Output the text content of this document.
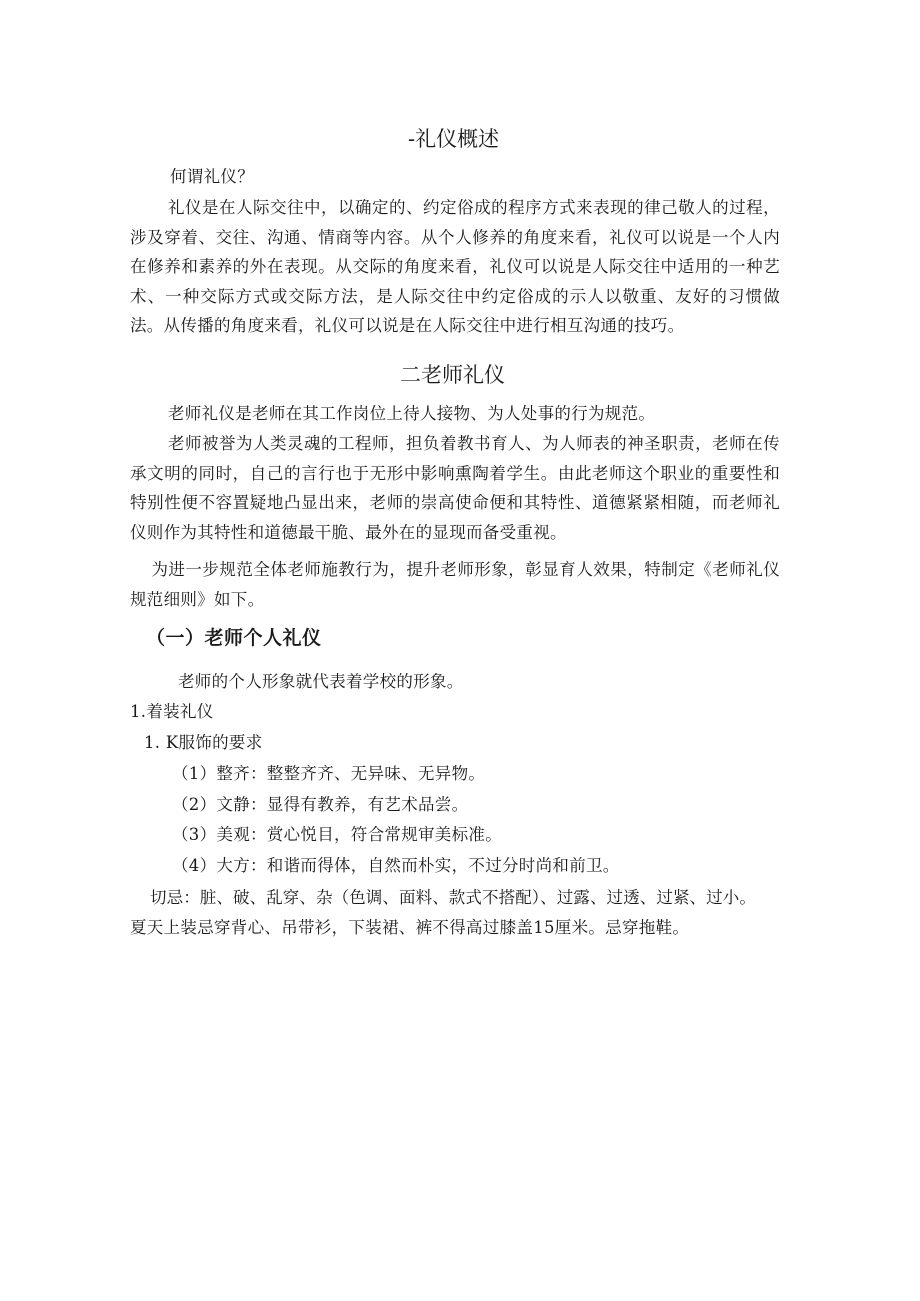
-礼仪概述
何谓礼仪？
礼仪是在人际交往中，以确定的、约定俗成的程序方式来表现的律己敬人的过程，涉及穿着、交往、沟通、情商等内容。从个人修养的角度来看，礼仪可以说是一个人内在修养和素养的外在表现。从交际的角度来看，礼仪可以说是人际交往中适用的一种艺术、一种交际方式或交际方法，是人际交往中约定俗成的示人以敬重、友好的习惯做法。从传播的角度来看，礼仪可以说是在人际交往中进行相互沟通的技巧。
二老师礼仪
老师礼仪是老师在其工作岗位上待人接物、为人处事的行为规范。
老师被誉为人类灵魂的工程师，担负着教书育人、为人师表的神圣职责，老师在传承文明的同时，自己的言行也于无形中影响熏陶着学生。由此老师这个职业的重要性和特别性便不容置疑地凸显出来，老师的崇高使命便和其特性、道德紧紧相随，而老师礼仪则作为其特性和道德最干脆、最外在的显现而备受重视。
为进一步规范全体老师施教行为，提升老师形象，彰显育人效果，特制定《老师礼仪规范细则》如下。
（一）老师个人礼仪
老师的个人形象就代表着学校的形象。
1.着装礼仪
1. K服饰的要求
（1）整齐：整整齐齐、无异味、无异物。
（2）文静：显得有教养，有艺术品尝。
（3）美观：赏心悦目，符合常规审美标准。
（4）大方：和谐而得体，自然而朴实，不过分时尚和前卫。
切忌：脏、破、乱穿、杂（色调、面料、款式不搭配）、过露、过透、过紧、过小。
夏天上装忌穿背心、吊带衫，下装裙、裤不得高过膝盖15厘米。忌穿拖鞋。
